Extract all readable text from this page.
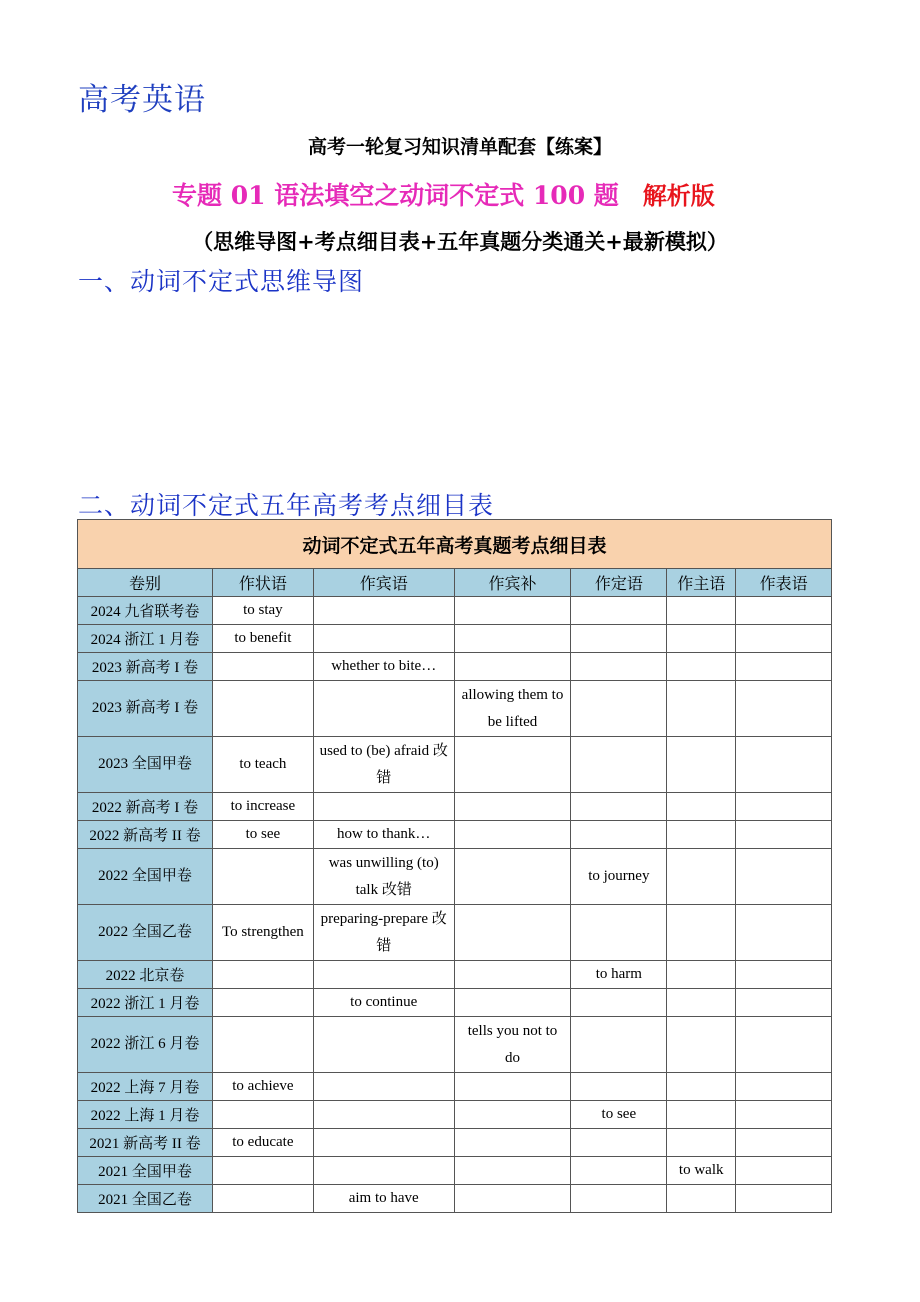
高考英语
高考一轮复习知识清单配套【练案】
专题 01 语法填空之动词不定式 100 题 解析版
（思维导图+考点细目表+五年真题分类通关+最新模拟）
一、动词不定式思维导图
二、动词不定式五年高考考点细目表
动词不定式五年高考真题考点细目表						
卷别	作状语	作宾语	作宾补	作定语	作主语	作表语
2024 九省联考卷	to stay					
2024 浙江 1 月卷	to benefit					
2023 新高考 I 卷		whether to bite…				
2023 新高考 I 卷			allowing them to be lifted			
2023 全国甲卷	to teach	used to (be) afraid 改错				
2022 新高考 I 卷	to increase					
2022 新高考 II 卷	to see	how to thank…				
2022 全国甲卷		was unwilling (to) talk 改错		to journey		
2022 全国乙卷	To strengthen	preparing-prepare 改错				
2022 北京卷				to harm		
2022 浙江 1 月卷		to continue				
2022 浙江 6 月卷			tells you not to do			
2022 上海 7 月卷	to achieve					
2022 上海 1 月卷				to see		
2021 新高考 II 卷	to educate					
2021 全国甲卷					to walk	
2021 全国乙卷		aim to have				
